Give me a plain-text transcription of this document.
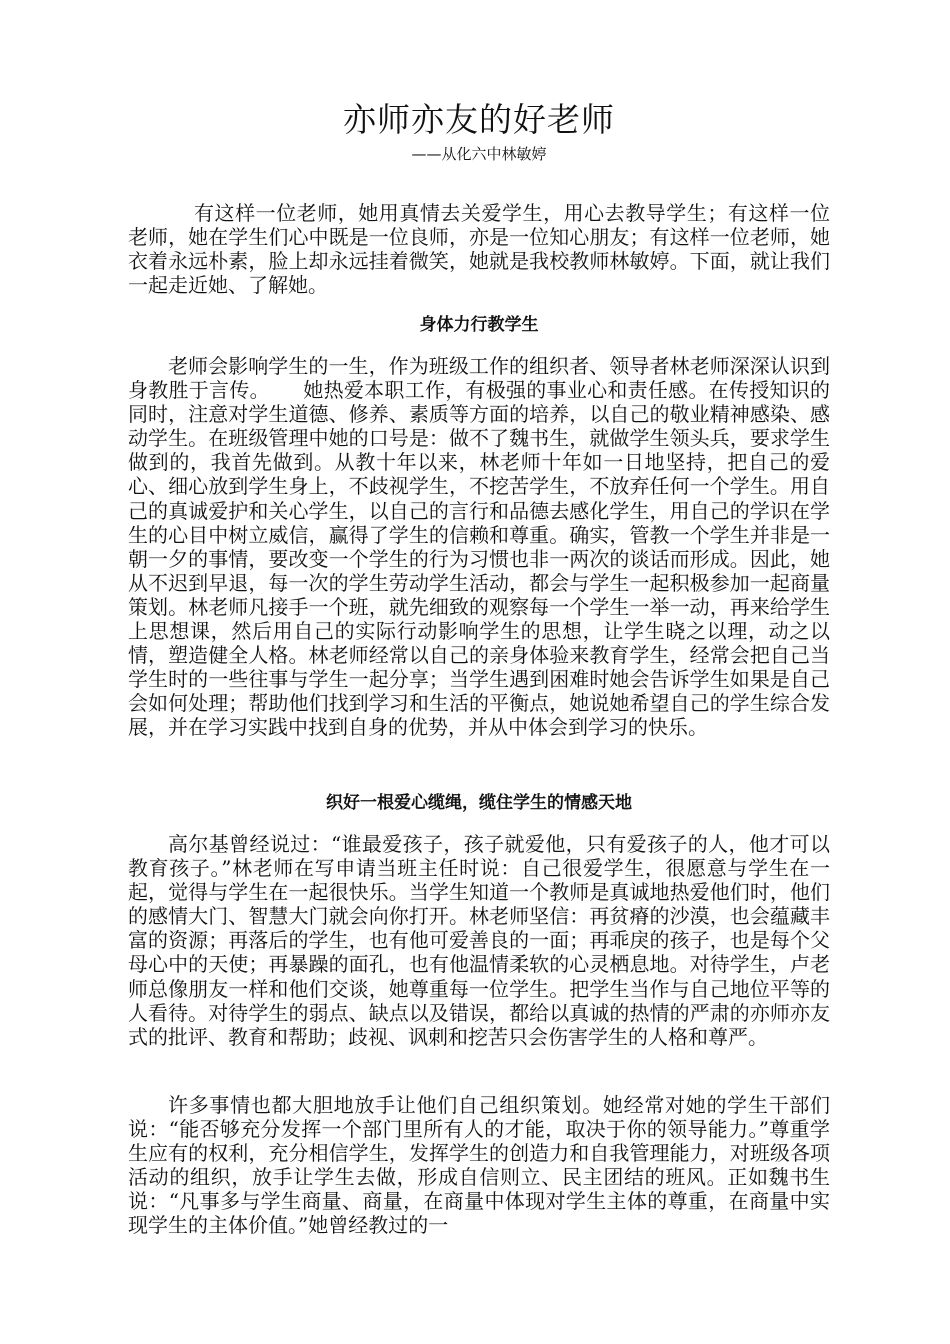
亦师亦友的好老师

——从化六中林敏婷

有这样一位老师，她用真情去关爱学生，用心去教导学生；有这样一位老师，她在学生们心中既是一位良师，亦是一位知心朋友；有这样一位老师，她衣着永远朴素，脸上却永远挂着微笑，她就是我校教师林敏婷。下面，就让我们一起走近她、了解她。

身体力行教学生

老师会影响学生的一生，作为班级工作的组织者、领导者林老师深深认识到身教胜于言传。 　 她热爱本职工作，有极强的事业心和责任感。在传授知识的同时，注意对学生道德、修养、素质等方面的培养，以自己的敬业精神感染、感动学生。在班级管理中她的口号是：做不了魏书生，就做学生领头兵，要求学生做到的，我首先做到。从教十年以来，林老师十年如一日地坚持，把自己的爱心、细心放到学生身上，不歧视学生，不挖苦学生，不放弃任何一个学生。用自己的真诚爱护和关心学生，以自己的言行和品德去感化学生，用自己的学识在学生的心目中树立威信，赢得了学生的信赖和尊重。确实，管教一个学生并非是一朝一夕的事情，要改变一个学生的行为习惯也非一两次的谈话而形成。因此，她从不迟到早退，每一次的学生劳动学生活动，都会与学生一起积极参加一起商量策划。林老师凡接手一个班，就先细致的观察每一个学生一举一动，再来给学生上思想课，然后用自己的实际行动影响学生的思想，让学生晓之以理，动之以情，塑造健全人格。林老师经常以自己的亲身体验来教育学生，经常会把自己当学生时的一些往事与学生一起分享；当学生遇到困难时她会告诉学生如果是自己会如何处理；帮助他们找到学习和生活的平衡点，她说她希望自己的学生综合发展，并在学习实践中找到自身的优势，并从中体会到学习的快乐。

织好一根爱心缆绳，缆住学生的情感天地

高尔基曾经说过：“谁最爱孩子，孩子就爱他，只有爱孩子的人，他才可以教育孩子。”林老师在写申请当班主任时说：自己很爱学生，很愿意与学生在一起，觉得与学生在一起很快乐。当学生知道一个教师是真诚地热爱他们时，他们的感情大门、智慧大门就会向你打开。林老师坚信：再贫瘠的沙漠，也会蕴藏丰富的资源；再落后的学生，也有他可爱善良的一面；再乖戾的孩子，也是每个父母心中的天使；再暴躁的面孔，也有他温情柔软的心灵栖息地。对待学生，卢老师总像朋友一样和他们交谈，她尊重每一位学生。把学生当作与自己地位平等的人看待。对待学生的弱点、缺点以及错误，都给以真诚的热情的严肃的亦师亦友式的批评、教育和帮助；歧视、讽刺和挖苦只会伤害学生的人格和尊严。

许多事情也都大胆地放手让他们自己组织策划。她经常对她的学生干部们说：“能否够充分发挥一个部门里所有人的才能，取决于你的领导能力。”尊重学生应有的权利，充分相信学生，发挥学生的创造力和自我管理能力，对班级各项活动的组织，放手让学生去做，形成自信则立、民主团结的班风。正如魏书生说：“凡事多与学生商量、商量，在商量中体现对学生主体的尊重，在商量中实现学生的主体价值。”她曾经教过的一
